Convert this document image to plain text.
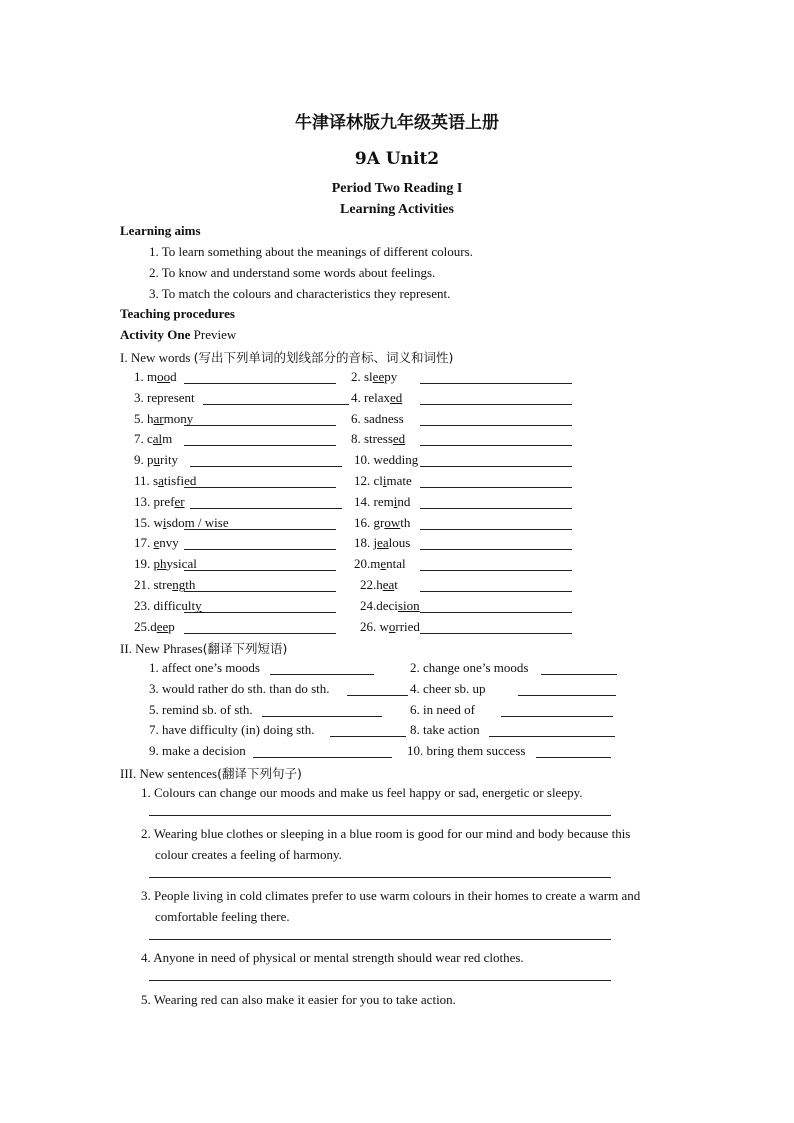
牛津译林版九年级英语上册
9A Unit2
Period Two Reading I
Learning Activities
Learning aims
1. To learn something about the meanings of different colours.
2. To know and understand some words about feelings.
3. To match the colours and characteristics they represent.
Teaching procedures
Activity One Preview
I. New words (写出下列单词的划线部分的音标、词义和词性)
1. mood	2. sleepy
3. represent	4. relaxed
5. harmony	6. sadness
7. calm	8. stressed
9. purity	10. wedding
11. satisfied	12. climate
13. prefer	14. remind
15. wisdom / wise	16. growth
17. envy	18. jealous
19. physical	20.mental
21. strength	22.heat
23. difficulty	24.decision
25.deep	26. worried
II. New Phrases(翻译下列短语)
1. affect one’s moods	2. change one’s moods
3. would rather do sth. than do sth.	4. cheer sb. up
5. remind sb. of sth.	6. in need of
7. have difficulty (in) doing sth.	8. take action
9. make a decision	10. bring them success
III. New sentences(翻译下列句子)
1. Colours can change our moods and make us feel happy or sad, energetic or sleepy.
2. Wearing blue clothes or sleeping in a blue room is good for our mind and body because this
colour creates a feeling of harmony.
3. People living in cold climates prefer to use warm colours in their homes to create a warm and
comfortable feeling there.
4. Anyone in need of physical or mental strength should wear red clothes.
5. Wearing red can also make it easier for you to take action.
